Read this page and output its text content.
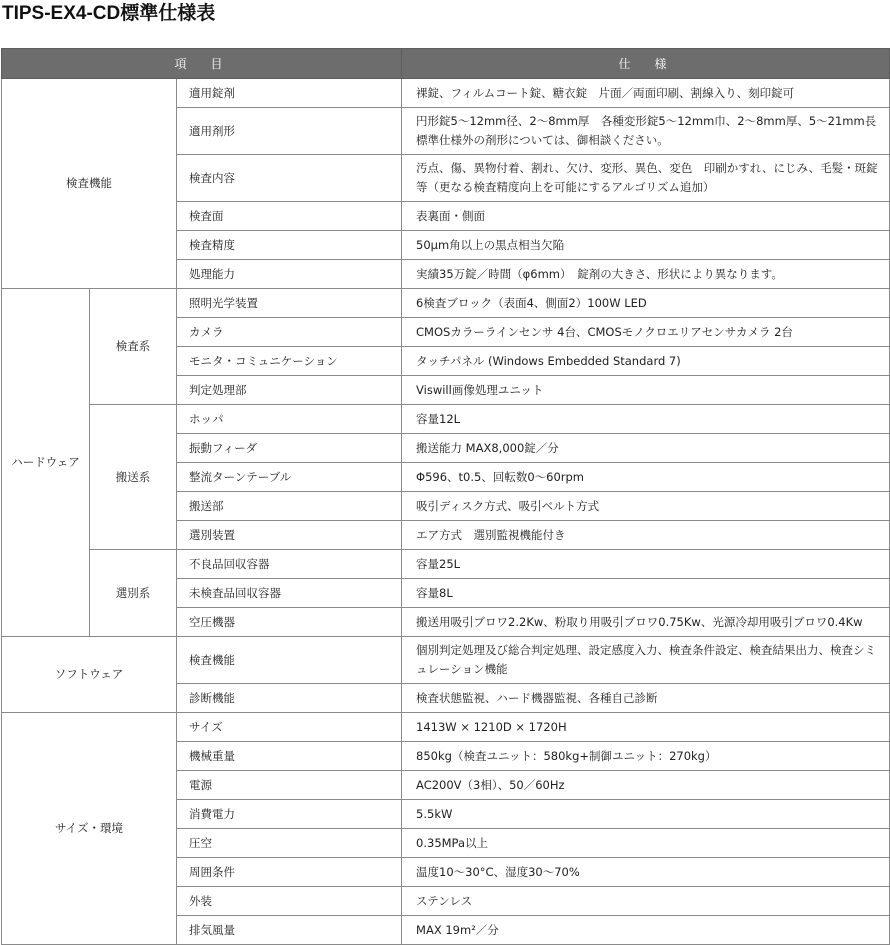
TIPS-EX4-CD標準仕様表
項　目			仕　様
検査機能		適用錠剤	裸錠、フィルムコート錠、糖衣錠　片面／両面印刷、割線入り、刻印錠可
		適用剤形	円形錠5～12mm径、2～8mm厚　各種変形錠5～12mm巾、2～8mm厚、5～21mm長　標準仕様外の剤形については、御相談ください。
		検査内容	汚点、傷、異物付着、割れ、欠け、変形、異色、変色　印刷かすれ、にじみ、毛髪・斑錠等（更なる検査精度向上を可能にするアルゴリズム追加）
		検査面	表裏面・側面
		検査精度	50μm角以上の黒点相当欠陥
		処理能力	実績35万錠／時間（φ6mm）　錠剤の大きさ、形状により異なります。
ハードウェア	検査系	照明光学装置	6検査ブロック（表面4、側面2）100W LED
		カメラ	CMOSカラーラインセンサ 4台、CMOSモノクロエリアセンサカメラ 2台
		モニタ・コミュニケーション	タッチパネル (Windows Embedded Standard 7)
		判定処理部	Viswill画像処理ユニット
	搬送系	ホッパ	容量12L
		振動フィーダ	搬送能力 MAX8,000錠／分
		整流ターンテーブル	Φ596、t0.5、回転数0～60rpm
		搬送部	吸引ディスク方式、吸引ベルト方式
		選別装置	エア方式　選別監視機能付き
	選別系	不良品回収容器	容量25L
		未検査品回収容器	容量8L
		空圧機器	搬送用吸引ブロワ2.2Kw、粉取り用吸引ブロワ0.75Kw、光源冷却用吸引ブロワ0.4Kw
ソフトウェア		検査機能	個別判定処理及び総合判定処理、設定感度入力、検査条件設定、検査結果出力、検査シミュレーション機能
		診断機能	検査状態監視、ハード機器監視、各種自己診断
サイズ・環境		サイズ	1413W × 1210D × 1720H
		機械重量	850kg（検査ユニット：580kg+制御ユニット：270kg）
		電源	AC200V（3相）、50／60Hz
		消費電力	5.5kW
		圧空	0.35MPa以上
		周囲条件	温度10～30°C、湿度30～70%
		外装	ステンレス
		排気風量	MAX 19m²／分
